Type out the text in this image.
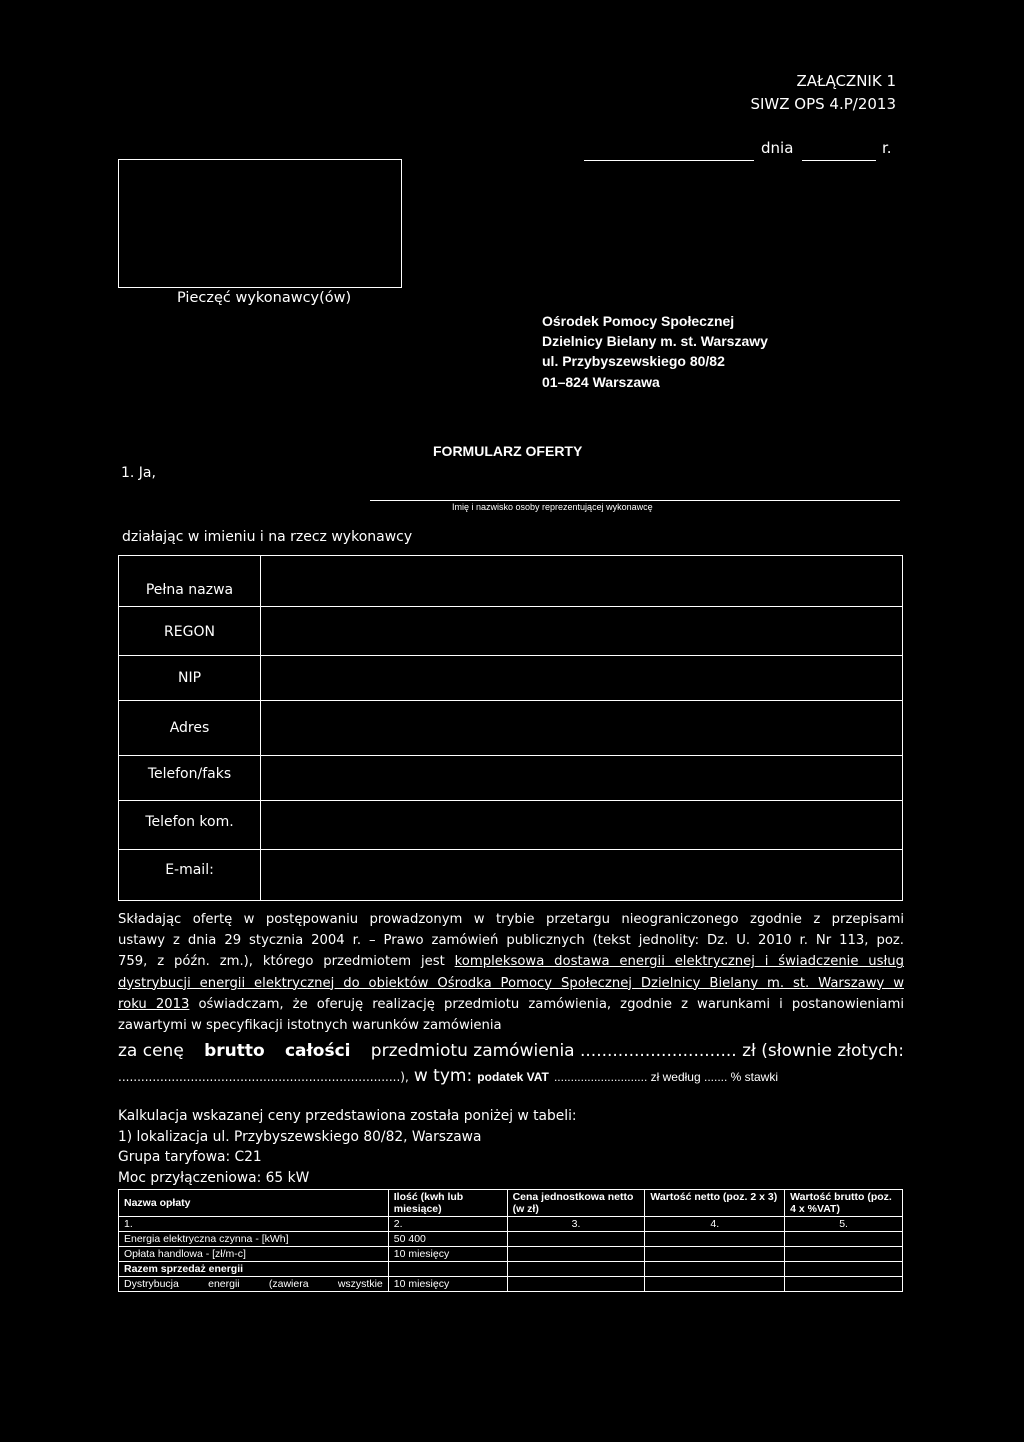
ZAŁĄCZNIK 1
SIWZ OPS 4.P/2013
dnia	r.
Pieczęć wykonawcy(ów)
Ośrodek Pomocy Społecznej
Dzielnicy Bielany m. st. Warszawy
ul. Przybyszewskiego 80/82
01–824 Warszawa
FORMULARZ OFERTY
1. Ja,
Imię i nazwisko osoby reprezentującej wykonawcę
działając w imieniu i na rzecz wykonawcy
Pełna nazwa
REGON
NIP
Adres
Telefon/faks
Telefon kom.
E-mail:
Składając ofertę w postępowaniu prowadzonym w trybie przetargu nieograniczonego zgodnie z przepisami
ustawy z dnia 29 stycznia 2004 r. – Prawo zamówień publicznych (tekst jednolity: Dz. U. 2010 r. Nr 113, poz.
759, z późn. zm.), którego przedmiotem jest kompleksowa dostawa energii elektrycznej i świadczenie usług
dystrybucji energii elektrycznej do obiektów Ośrodka Pomocy Społecznej Dzielnicy Bielany m. st. Warszawy w
roku 2013 oświadczam, że oferuję realizację przedmiotu zamówienia, zgodnie z warunkami i postanowieniami
zawartymi w specyfikacji istotnych warunków zamówienia
za cenę brutto całości przedmiotu zamówienia ............................. zł (słownie złotych:
..........................................................................), w tym: podatek VAT ............................ zł według ....... % stawki
Kalkulacja wskazanej ceny przedstawiona została poniżej w tabeli:
1) lokalizacja ul. Przybyszewskiego 80/82, Warszawa
Grupa taryfowa: C21
Moc przyłączeniowa: 65 kW
Nazwa opłaty	Ilość (kwh lub miesiące)	Cena jednostkowa netto (w zł)	Wartość netto (poz. 2 x 3)	Wartość brutto (poz. 4 x %VAT)
1.	2.	3.	4.	5.
Energia elektryczna czynna - [kWh]	50 400			
Opłata handlowa - [zł/m-c]	10 miesięcy			
Razem sprzedaż energii				
Dystrybucja energii (zawiera wszystkie	10 miesięcy			
